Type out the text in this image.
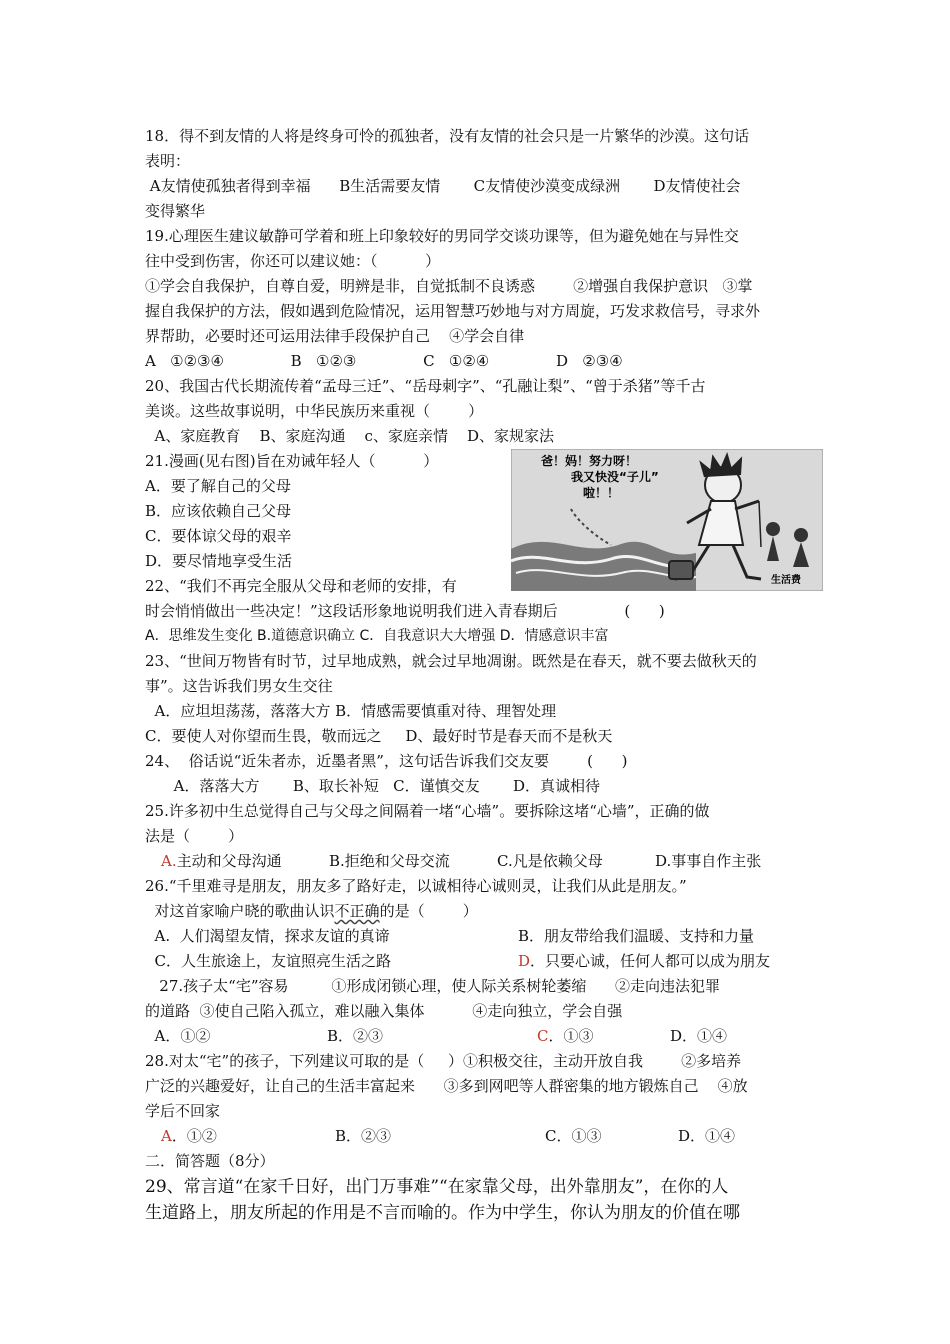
18．得不到友情的人将是终身可怜的孤独者，没有友情的社会只是一片繁华的沙漠。这句话
表明：
A友情使孤独者得到幸福      B生活需要友情       C友情使沙漠变成绿洲       D友情使社会
变得繁华
19.心理医生建议敏静可学着和班上印象较好的男同学交谈功课等，但为避免她在与异性交
往中受到伤害，你还可以建议她：（          ）
①学会自我保护，自尊自爱，明辨是非，自觉抵制不良诱惑        ②增强自我保护意识   ③掌
握自我保护的方法，假如遇到危险情况，运用智慧巧妙地与对方周旋，巧发求救信号，寻求外
界帮助，必要时还可运用法律手段保护自己    ④学会自律
A   ①②③④              B   ①②③              C   ①②④              D   ②③④
20、我国古代长期流传着“孟母三迁”、“岳母刺字”、“孔融让梨”、“曾于杀猪”等千古
美谈。这些故事说明，中华民族历来重视（        ）
A、家庭教育    B、家庭沟通    c、家庭亲情    D、家规家法
21.漫画(见右图)旨在劝诫年轻人（          ）
A．要了解自己的父母
B．应该依赖自己父母
C．要体谅父母的艰辛
D．要尽情地享受生活
22、“我们不再完全服从父母和老师的安排，有
时会悄悄做出一些决定！”这段话形象地说明我们进入青春期后              (      )
A．思维发生变化 B.道德意识确立 C．自我意识大大增强 D．情感意识丰富
23、“世间万物皆有时节，过早地成熟，就会过早地凋谢。既然是在春天，就不要去做秋天的
事”。这告诉我们男女生交往
A．应坦坦荡荡，落落大方 B．情感需要慎重对待、理智处理
C．要使人对你望而生畏，敬而远之     D、最好时节是春天而不是秋天
24、  俗话说“近朱者赤，近墨者黑”，这句话告诉我们交友要        (      )
A．落落大方       B、取长补短   C．谨慎交友       D．真诚相待
25.许多初中生总觉得自己与父母之间隔着一堵“心墙”。要拆除这堵“心墙”，正确的做
法是（        ）
A.主动和父母沟通	B.拒绝和父母交流	C.凡是依赖父母	D.事事自作主张
26.“千里难寻是朋友，朋友多了路好走，以诚相待心诚则灵，让我们从此是朋友。”
对这首家喻户晓的歌曲认识不正确的是（        ）
A.  人们渴望友情，探求友谊的真谛	B．朋友带给我们温暖、支持和力量
C．人生旅途上，友谊照亮生活之路	D．只要心诚，任何人都可以成为朋友
27.孩子太“宅”容易         ①形成闭锁心理，使人际关系树轮萎缩      ②走向违法犯罪
的道路  ③使自己陷入孤立，难以融入集体          ④走向独立，学会自强
A．①②	B．②③	C．①③	D．①④
28.对太“宅”的孩子，下列建议可取的是（     ）①积极交往，主动开放自我        ②多培养
广泛的兴趣爱好，让自己的生活丰富起来      ③多到网吧等人群密集的地方锻炼自己    ④放
学后不回家
A．①②	B．②③	C．①③	D．①④
二．简答题（8分）
29、常言道“在家千日好，出门万事难”“在家靠父母，出外靠朋友”，在你的人
生道路上，朋友所起的作用是不言而喻的。作为中学生，你认为朋友的价值在哪
爸！妈！努力呀！
我又快没“子儿”
啦！！
生活费
